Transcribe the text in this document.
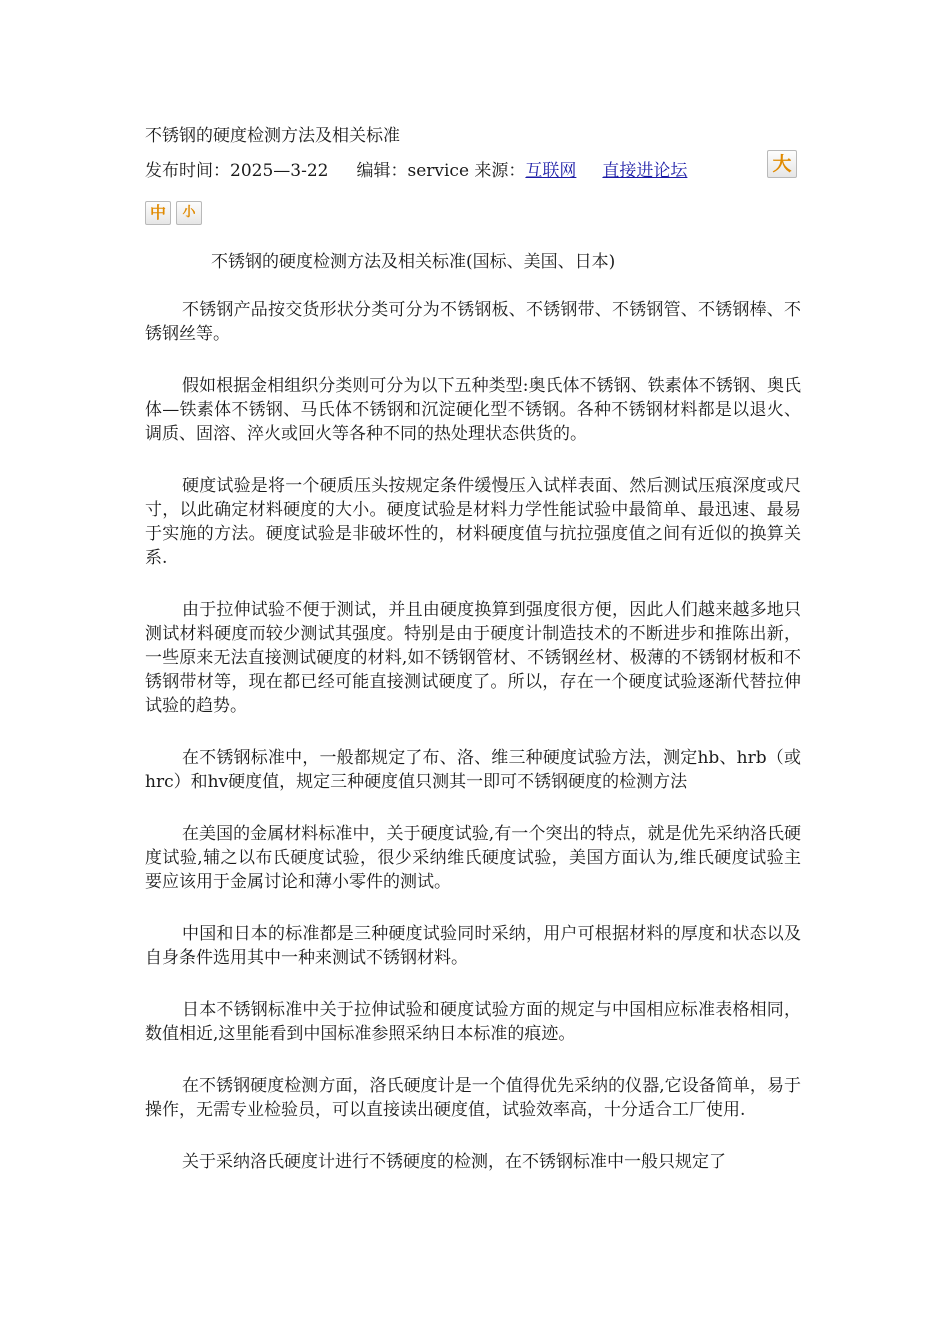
不锈钢的硬度检测方法及相关标准
发布时间：2025—3-22 编辑：service 来源：互联网 直接进论坛	大
中	小
不锈钢的硬度检测方法及相关标准(国标、美国、日本)

不锈钢产品按交货形状分类可分为不锈钢板、不锈钢带、不锈钢管、不锈钢棒、不锈钢丝等。

假如根据金相组织分类则可分为以下五种类型:奥氏体不锈钢、铁素体不锈钢、奥氏体—铁素体不锈钢、马氏体不锈钢和沉淀硬化型不锈钢。各种不锈钢材料都是以退火、调质、固溶、淬火或回火等各种不同的热处理状态供货的。

硬度试验是将一个硬质压头按规定条件缓慢压入试样表面、然后测试压痕深度或尺寸，以此确定材料硬度的大小。硬度试验是材料力学性能试验中最简单、最迅速、最易于实施的方法。硬度试验是非破坏性的，材料硬度值与抗拉强度值之间有近似的换算关系.

由于拉伸试验不便于测试，并且由硬度换算到强度很方便，因此人们越来越多地只测试材料硬度而较少测试其强度。特别是由于硬度计制造技术的不断进步和推陈出新，一些原来无法直接测试硬度的材料,如不锈钢管材、不锈钢丝材、极薄的不锈钢材板和不锈钢带材等，现在都已经可能直接测试硬度了。所以，存在一个硬度试验逐渐代替拉伸试验的趋势。

在不锈钢标准中，一般都规定了布、洛、维三种硬度试验方法，测定hb、hrb（或hrc）和hv硬度值，规定三种硬度值只测其一即可不锈钢硬度的检测方法

在美国的金属材料标准中，关于硬度试验,有一个突出的特点，就是优先采纳洛氏硬度试验,辅之以布氏硬度试验，很少采纳维氏硬度试验，美国方面认为,维氏硬度试验主要应该用于金属讨论和薄小零件的测试。

中国和日本的标准都是三种硬度试验同时采纳，用户可根据材料的厚度和状态以及自身条件选用其中一种来测试不锈钢材料。

日本不锈钢标准中关于拉伸试验和硬度试验方面的规定与中国相应标准表格相同，数值相近,这里能看到中国标准参照采纳日本标准的痕迹。

在不锈钢硬度检测方面，洛氏硬度计是一个值得优先采纳的仪器,它设备简单，易于操作，无需专业检验员，可以直接读出硬度值，试验效率高，十分适合工厂使用.

关于采纳洛氏硬度计进行不锈硬度的检测，在不锈钢标准中一般只规定了
